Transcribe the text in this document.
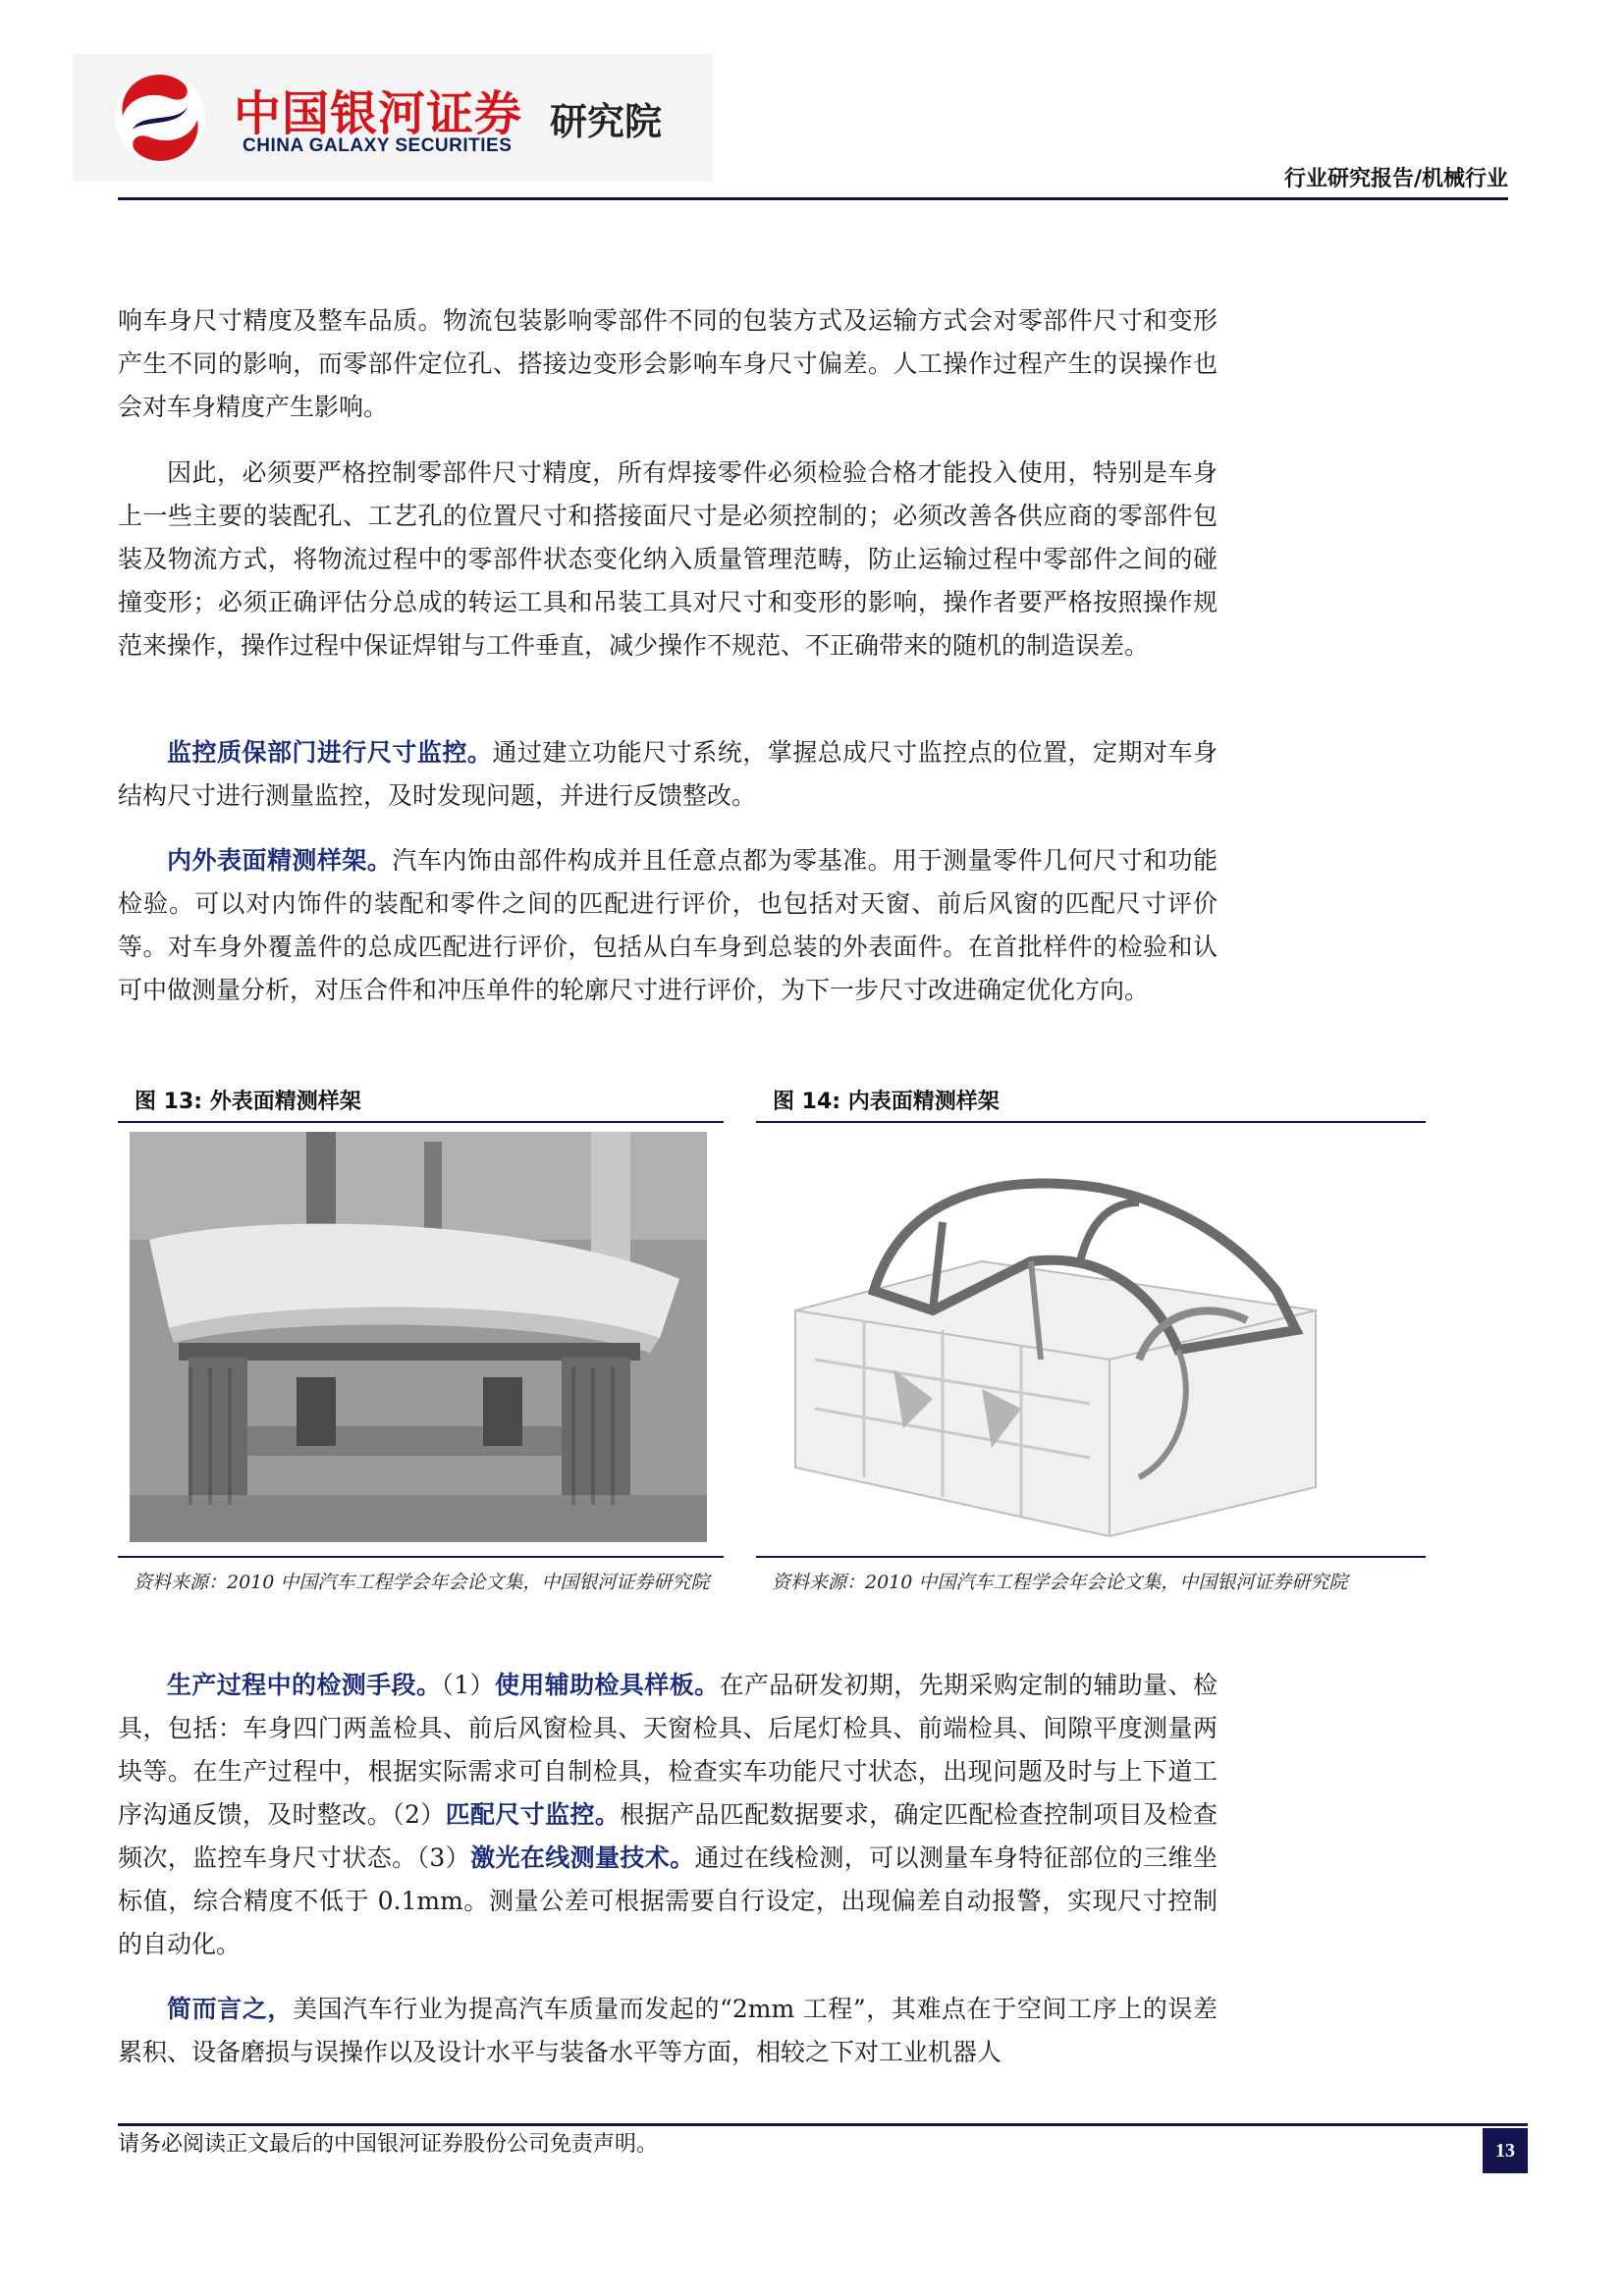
中国银河证券
CHINA GALAXY SECURITIES
研究院
行业研究报告/机械行业

响车身尺寸精度及整车品质。物流包装影响零部件不同的包装方式及运输方式会对零部件尺寸和变形产生不同的影响，而零部件定位孔、搭接边变形会影响车身尺寸偏差。人工操作过程产生的误操作也会对车身精度产生影响。

因此，必须要严格控制零部件尺寸精度，所有焊接零件必须检验合格才能投入使用，特别是车身上一些主要的装配孔、工艺孔的位置尺寸和搭接面尺寸是必须控制的；必须改善各供应商的零部件包装及物流方式，将物流过程中的零部件状态变化纳入质量管理范畴，防止运输过程中零部件之间的碰撞变形；必须正确评估分总成的转运工具和吊装工具对尺寸和变形的影响，操作者要严格按照操作规范来操作，操作过程中保证焊钳与工件垂直，减少操作不规范、不正确带来的随机的制造误差。

监控质保部门进行尺寸监控。通过建立功能尺寸系统，掌握总成尺寸监控点的位置，定期对车身结构尺寸进行测量监控，及时发现问题，并进行反馈整改。

内外表面精测样架。汽车内饰由部件构成并且任意点都为零基准。用于测量零件几何尺寸和功能检验。可以对内饰件的装配和零件之间的匹配进行评价，也包括对天窗、前后风窗的匹配尺寸评价等。对车身外覆盖件的总成匹配进行评价，包括从白车身到总装的外表面件。在首批样件的检验和认可中做测量分析，对压合件和冲压单件的轮廓尺寸进行评价，为下一步尺寸改进确定优化方向。

图 13: 外表面精测样架

资料来源：2010 中国汽车工程学会年会论文集，中国银河证券研究院

图 14: 内表面精测样架

资料来源：2010 中国汽车工程学会年会论文集，中国银河证券研究院

生产过程中的检测手段。（1）使用辅助检具样板。在产品研发初期，先期采购定制的辅助量、检具，包括：车身四门两盖检具、前后风窗检具、天窗检具、后尾灯检具、前端检具、间隙平度测量两块等。在生产过程中，根据实际需求可自制检具，检查实车功能尺寸状态，出现问题及时与上下道工序沟通反馈，及时整改。（2）匹配尺寸监控。根据产品匹配数据要求，确定匹配检查控制项目及检查频次，监控车身尺寸状态。（3）激光在线测量技术。通过在线检测，可以测量车身特征部位的三维坐标值，综合精度不低于 0.1mm。测量公差可根据需要自行设定，出现偏差自动报警，实现尺寸控制的自动化。

简而言之，美国汽车行业为提高汽车质量而发起的“2mm 工程”，其难点在于空间工序上的误差累积、设备磨损与误操作以及设计水平与装备水平等方面，相较之下对工业机器人

请务必阅读正文最后的中国银河证券股份公司免责声明。	13
